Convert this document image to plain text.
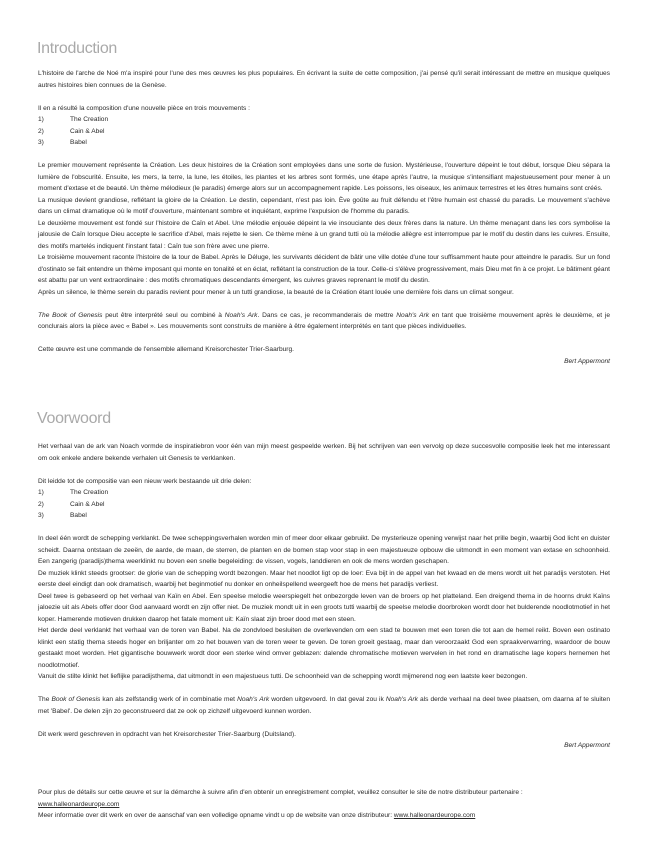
Introduction

L'histoire de l'arche de Noé m'a inspiré pour l'une des mes œuvres les plus populaires. En écrivant la suite de cette composition, j'ai pensé qu'il serait intéressant de mettre en musique quelques autres histoires bien connues de la Genèse.

Il en a résulté la composition d'une nouvelle pièce en trois mouvements :

1)	The Creation
2)	Cain & Abel
3)	Babel

Le premier mouvement représente la Création. Les deux histoires de la Création sont employées dans une sorte de fusion. Mystérieuse, l'ouverture dépeint le tout début, lorsque Dieu sépara la lumière de l'obscurité. Ensuite, les mers, la terre, la lune, les étoiles, les plantes et les arbres sont formés, une étape après l'autre, la musique s'intensifiant majestueusement pour mener à un moment d'extase et de beauté. Un thème mélodieux (le paradis) émerge alors sur un accompagnement rapide. Les poissons, les oiseaux, les animaux terrestres et les êtres humains sont créés.

La musique devient grandiose, reflétant la gloire de la Création. Le destin, cependant, n'est pas loin. Ève goûte au fruit défendu et l'être humain est chassé du paradis. Le mouvement s'achève dans un climat dramatique où le motif d'ouverture, maintenant sombre et inquiétant, exprime l'expulsion de l'homme du paradis.

Le deuxième mouvement est fondé sur l'histoire de Caïn et Abel. Une mélodie enjouée dépeint la vie insouciante des deux frères dans la nature. Un thème menaçant dans les cors symbolise la jalousie de Caïn lorsque Dieu accepte le sacrifice d'Abel, mais rejette le sien. Ce thème mène à un grand tutti où la mélodie allègre est interrompue par le motif du destin dans les cuivres. Ensuite, des motifs martelés indiquent l'instant fatal : Caïn tue son frère avec une pierre.

Le troisième mouvement raconte l'histoire de la tour de Babel. Après le Déluge, les survivants décident de bâtir une ville dotée d'une tour suffisamment haute pour atteindre le paradis. Sur un fond d'ostinato se fait entendre un thème imposant qui monte en tonalité et en éclat, reflétant la construction de la tour. Celle-ci s'élève progressivement, mais Dieu met fin à ce projet. Le bâtiment géant est abattu par un vent extraordinaire : des motifs chromatiques descendants émergent, les cuivres graves reprenant le motif du destin.

Après un silence, le thème serein du paradis revient pour mener à un tutti grandiose, la beauté de la Création étant louée une dernière fois dans un climat songeur.

The Book of Genesis peut être interprété seul ou combiné à Noah's Ark. Dans ce cas, je recommanderais de mettre Noah's Ark en tant que troisième mouvement après le deuxième, et je conclurais alors la pièce avec « Babel ». Les mouvements sont construits de manière à être également interprétés en tant que pièces individuelles.

Cette œuvre est une commande de l'ensemble allemand Kreisorchester Trier-Saarburg.

Bert Appermont

Voorwoord

Het verhaal van de ark van Noach vormde de inspiratiebron voor één van mijn meest gespeelde werken. Bij het schrijven van een vervolg op deze succesvolle compositie leek het me interessant om ook enkele andere bekende verhalen uit Genesis te verklanken.

Dit leidde tot de compositie van een nieuw werk bestaande uit drie delen:

1)	The Creation
2)	Cain & Abel
3)	Babel

In deel één wordt de schepping verklankt. De twee scheppingsverhalen worden min of meer door elkaar gebruikt. De mysterieuze opening verwijst naar het prille begin, waarbij God licht en duister scheidt. Daarna ontstaan de zeeën, de aarde, de maan, de sterren, de planten en de bomen stap voor stap in een majestueuze opbouw die uitmondt in een moment van extase en schoonheid. Een zangerig (paradijs)thema weerklinkt nu boven een snelle begeleiding: de vissen, vogels, landdieren en ook de mens worden geschapen.

De muziek klinkt steeds grootser: de glorie van de schepping wordt bezongen. Maar het noodlot ligt op de loer: Eva bijt in de appel van het kwaad en de mens wordt uit het paradijs verstoten. Het eerste deel eindigt dan ook dramatisch, waarbij het beginmotief nu donker en onheilspellend weergeeft hoe de mens het paradijs verliest.

Deel twee is gebaseerd op het verhaal van Kaïn en Abel. Een speelse melodie weerspiegelt het onbezorgde leven van de broers op het platteland. Een dreigend thema in de hoorns drukt Kaïns jaloezie uit als Abels offer door God aanvaard wordt en zijn offer niet. De muziek mondt uit in een groots tutti waarbij de speelse melodie doorbroken wordt door het bulderende noodlotmotief in het koper. Hamerende motieven drukken daarop het fatale moment uit: Kaïn slaat zijn broer dood met een steen.

Het derde deel verklankt het verhaal van de toren van Babel. Na de zondvloed besluiten de overlevenden om een stad te bouwen met een toren die tot aan de hemel reikt. Boven een ostinato klinkt een statig thema steeds hoger en briljanter om zo het bouwen van de toren weer te geven. De toren groeit gestaag, maar dan veroorzaakt God een spraakverwarring, waardoor de bouw gestaakt moet worden. Het gigantische bouwwerk wordt door een sterke wind omver geblazen: dalende chromatische motieven wervelen in het rond en dramatische lage kopers hernemen het noodlotmotief.

Vanuit de stilte klinkt het lieflijke paradijsthema, dat uitmondt in een majestueus tutti. De schoonheid van de schepping wordt mijmerend nog een laatste keer bezongen.

The Book of Genesis kan als zelfstandig werk of in combinatie met Noah's Ark worden uitgevoerd. In dat geval zou ik Noah's Ark als derde verhaal na deel twee plaatsen, om daarna af te sluiten met 'Babel'. De delen zijn zo geconstrueerd dat ze ook op zichzelf uitgevoerd kunnen worden.

Dit werk werd geschreven in opdracht van het Kreisorchester Trier-Saarburg (Duitsland).

Bert Appermont

Pour plus de détails sur cette œuvre et sur la démarche à suivre afin d'en obtenir un enregistrement complet, veuillez consulter le site de notre distributeur partenaire :

www.halleonardeurope.com

Meer informatie over dit werk en over de aanschaf van een volledige opname vindt u op de website van onze distributeur: www.halleonardeurope.com
